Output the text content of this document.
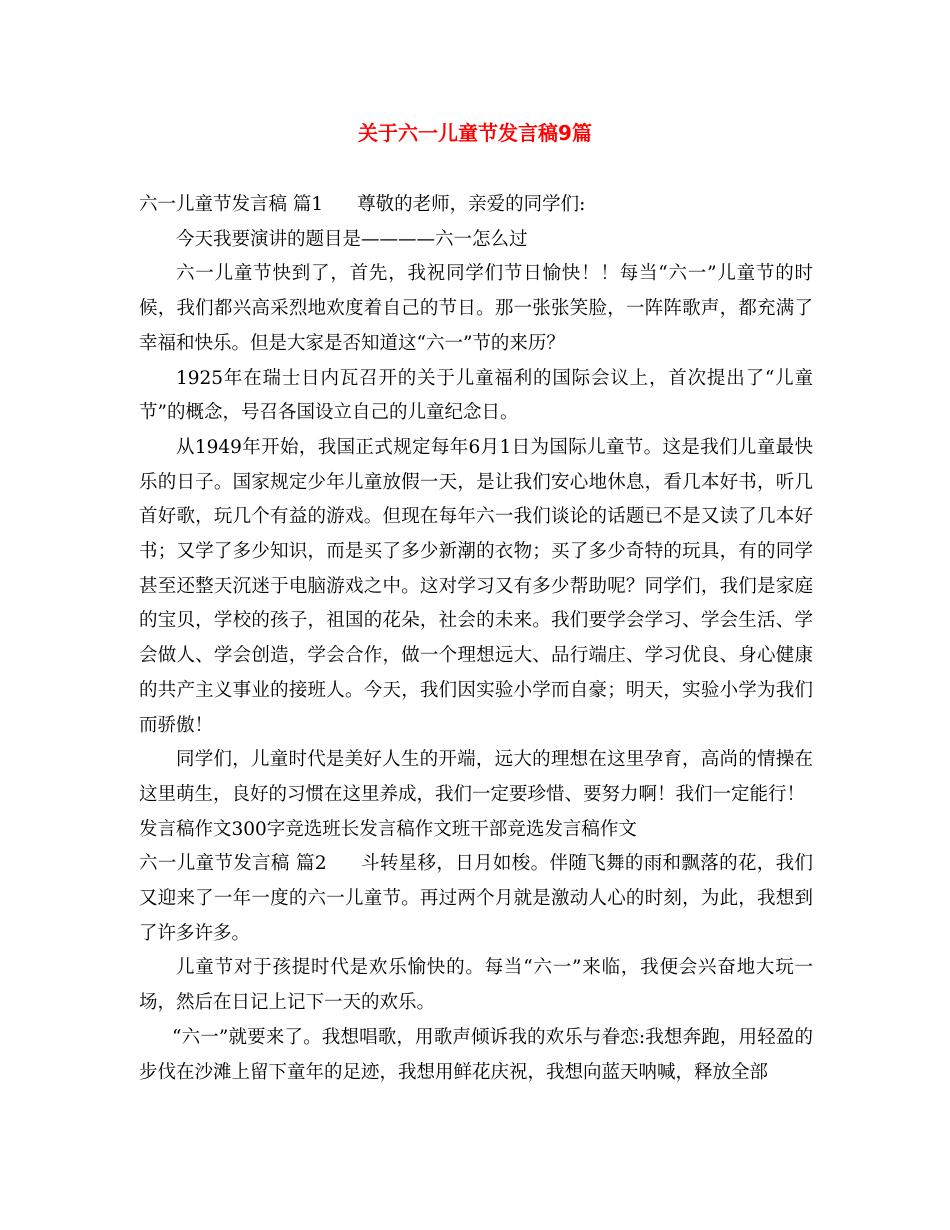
关于六一儿童节发言稿9篇

六一儿童节发言稿 篇1 尊敬的老师，亲爱的同学们:

今天我要演讲的题目是————六一怎么过

六一儿童节快到了，首先，我祝同学们节日愉快！！每当“六一”儿童节的时候，我们都兴高采烈地欢度着自己的节日。那一张张笑脸，一阵阵歌声，都充满了幸福和快乐。但是大家是否知道这“六一”节的来历？

1925年在瑞士日内瓦召开的关于儿童福利的国际会议上，首次提出了“儿童节”的概念，号召各国设立自己的儿童纪念日。

从1949年开始，我国正式规定每年6月1日为国际儿童节。这是我们儿童最快乐的日子。国家规定少年儿童放假一天，是让我们安心地休息，看几本好书，听几首好歌，玩几个有益的游戏。但现在每年六一我们谈论的话题已不是又读了几本好书；又学了多少知识，而是买了多少新潮的衣物；买了多少奇特的玩具，有的同学甚至还整天沉迷于电脑游戏之中。这对学习又有多少帮助呢？同学们，我们是家庭的宝贝，学校的孩子，祖国的花朵，社会的未来。我们要学会学习、学会生活、学会做人、学会创造，学会合作，做一个理想远大、品行端庄、学习优良、身心健康的共产主义事业的接班人。今天，我们因实验小学而自豪；明天，实验小学为我们而骄傲！

同学们，儿童时代是美好人生的开端，远大的理想在这里孕育，高尚的情操在这里萌生，良好的习惯在这里养成，我们一定要珍惜、要努力啊！我们一定能行！

发言稿作文300字竞选班长发言稿作文班干部竞选发言稿作文

六一儿童节发言稿 篇2 斗转星移，日月如梭。伴随飞舞的雨和飘落的花，我们又迎来了一年一度的六一儿童节。再过两个月就是激动人心的时刻，为此，我想到了许多许多。

儿童节对于孩提时代是欢乐愉快的。每当“六一”来临，我便会兴奋地大玩一场，然后在日记上记下一天的欢乐。

“六一”就要来了。我想唱歌，用歌声倾诉我的欢乐与眷恋:我想奔跑，用轻盈的步伐在沙滩上留下童年的足迹，我想用鲜花庆祝，我想向蓝天呐喊，释放全部
